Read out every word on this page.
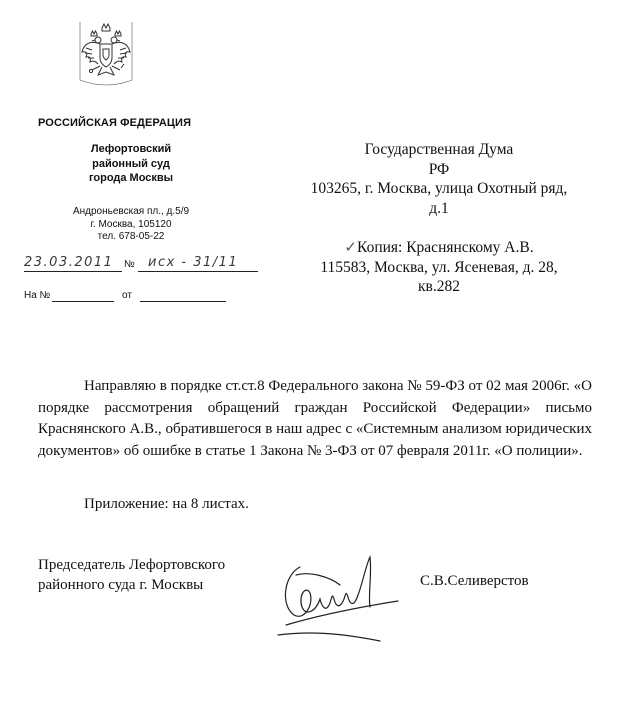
РОССИЙСКАЯ ФЕДЕРАЦИЯ
Лефортовский
районный суд
города Москвы
Андроньевская пл., д.5/9
г. Москва, 105120
тел. 678-05-22
23.03.2011 № исх - 31/11
На №	от
Государственная Дума
РФ
103265, г. Москва, улица Охотный ряд,
д.1
✓Копия: Краснянскому А.В.
115583, Москва, ул. Ясеневая, д. 28,
кв.282
Направляю в порядке ст.ст.8 Федерального закона № 59-ФЗ от 02 мая 2006г. «О порядке рассмотрения обращений граждан Российской Федерации» письмо Краснянского А.В., обратившегося в наш адрес с «Системным анализом юридических документов» об ошибке в статье 1 Закона № 3-ФЗ от 07 февраля 2011г. «О полиции».
Приложение: на 8 листах.
Председатель Лефортовского
районного суда г. Москвы	С.В.Селиверстов
